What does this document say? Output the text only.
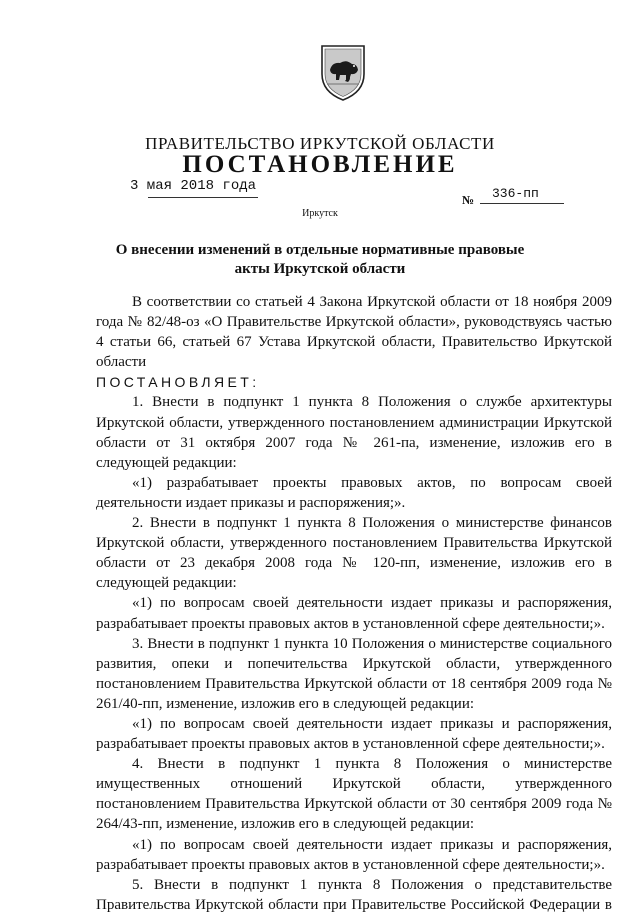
ПРАВИТЕЛЬСТВО ИРКУТСКОЙ ОБЛАСТИ
ПОСТАНОВЛЕНИЕ
3 мая 2018 года
№ 336-пп
Иркутск
О внесении изменений в отдельные нормативные правовые акты Иркутской области

В соответствии со статьей 4 Закона Иркутской области от 18 ноября 2009 года № 82/48-оз «О Правительстве Иркутской области», руководствуясь частью 4 статьи 66, статьей 67 Устава Иркутской области, Правительство Иркутской области

ПОСТАНОВЛЯЕТ:

1. Внести в подпункт 1 пункта 8 Положения о службе архитектуры Иркутской области, утвержденного постановлением администрации Иркутской области от 31 октября 2007 года № 261-па, изменение, изложив его в следующей редакции:

«1) разрабатывает проекты правовых актов, по вопросам своей деятельности издает приказы и распоряжения;».

2. Внести в подпункт 1 пункта 8 Положения о министерстве финансов Иркутской области, утвержденного постановлением Правительства Иркутской области от 23 декабря 2008 года № 120-пп, изменение, изложив его в следующей редакции:

«1) по вопросам своей деятельности издает приказы и распоряжения, разрабатывает проекты правовых актов в установленной сфере деятельности;».

3. Внести в подпункт 1 пункта 10 Положения о министерстве социального развития, опеки и попечительства Иркутской области, утвержденного постановлением Правительства Иркутской области от 18 сентября 2009 года № 261/40-пп, изменение, изложив его в следующей редакции:

«1) по вопросам своей деятельности издает приказы и распоряжения, разрабатывает проекты правовых актов в установленной сфере деятельности;».

4. Внести в подпункт 1 пункта 8 Положения о министерстве имущественных отношений Иркутской области, утвержденного постановлением Правительства Иркутской области от 30 сентября 2009 года № 264/43-пп, изменение, изложив его в следующей редакции:

«1) по вопросам своей деятельности издает приказы и распоряжения, разрабатывает проекты правовых актов в установленной сфере деятельности;».

5. Внести в подпункт 1 пункта 8 Положения о представительстве Правительства Иркутской области при Правительстве Российской Федерации в
